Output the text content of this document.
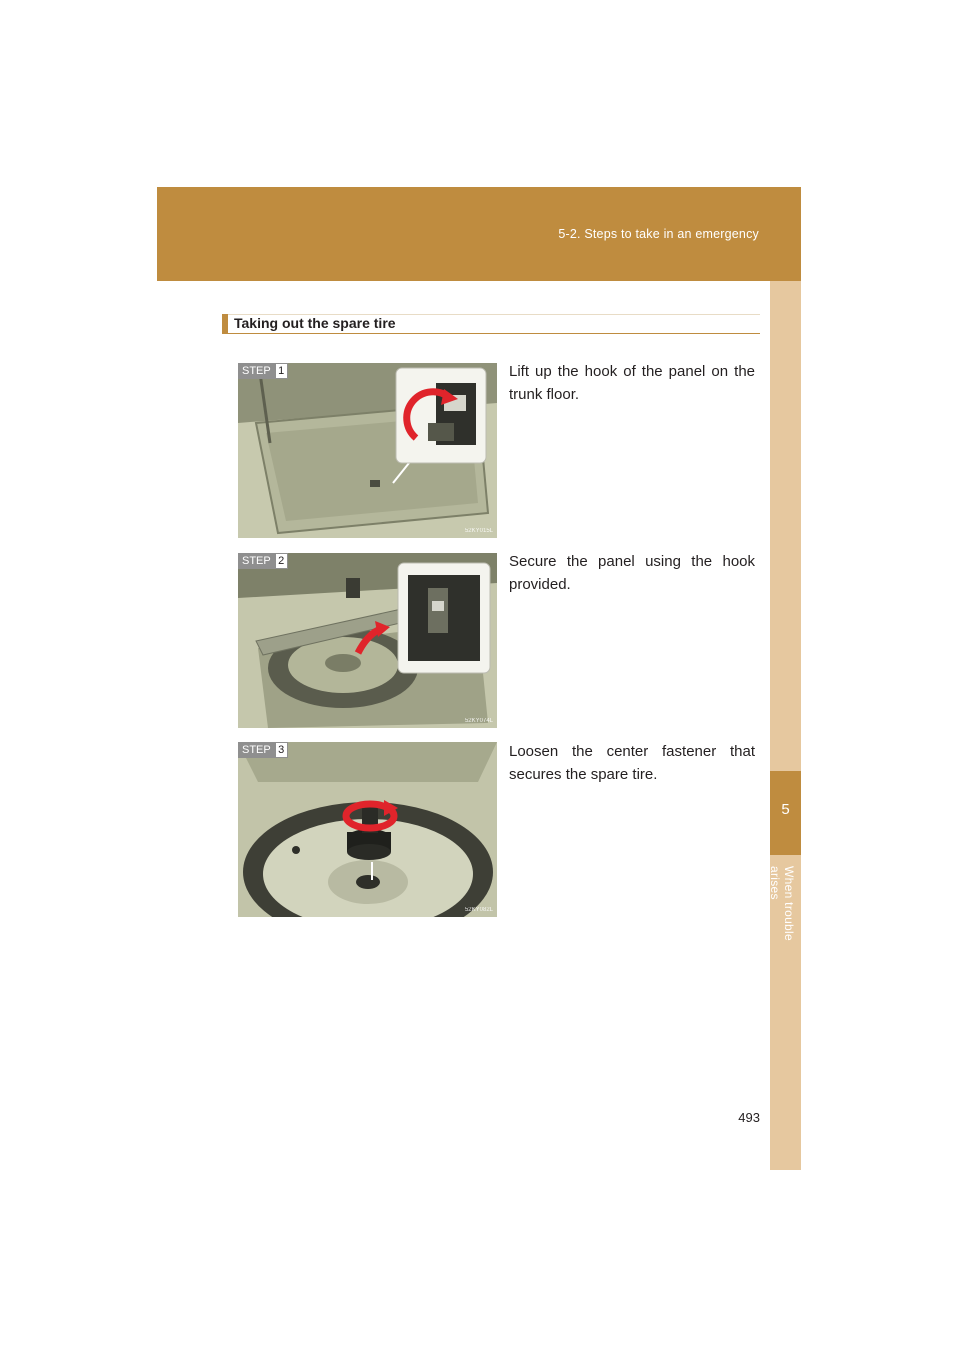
5-2. Steps to take in an emergency
5
When trouble arises
Taking out the spare tire
STEP 1
52KY015L
Lift up the hook of the panel on the trunk floor.
STEP 2
52KY074L
Secure the panel using the hook provided.
STEP 3
52KY082L
Loosen the center fastener that secures the spare tire.
493
